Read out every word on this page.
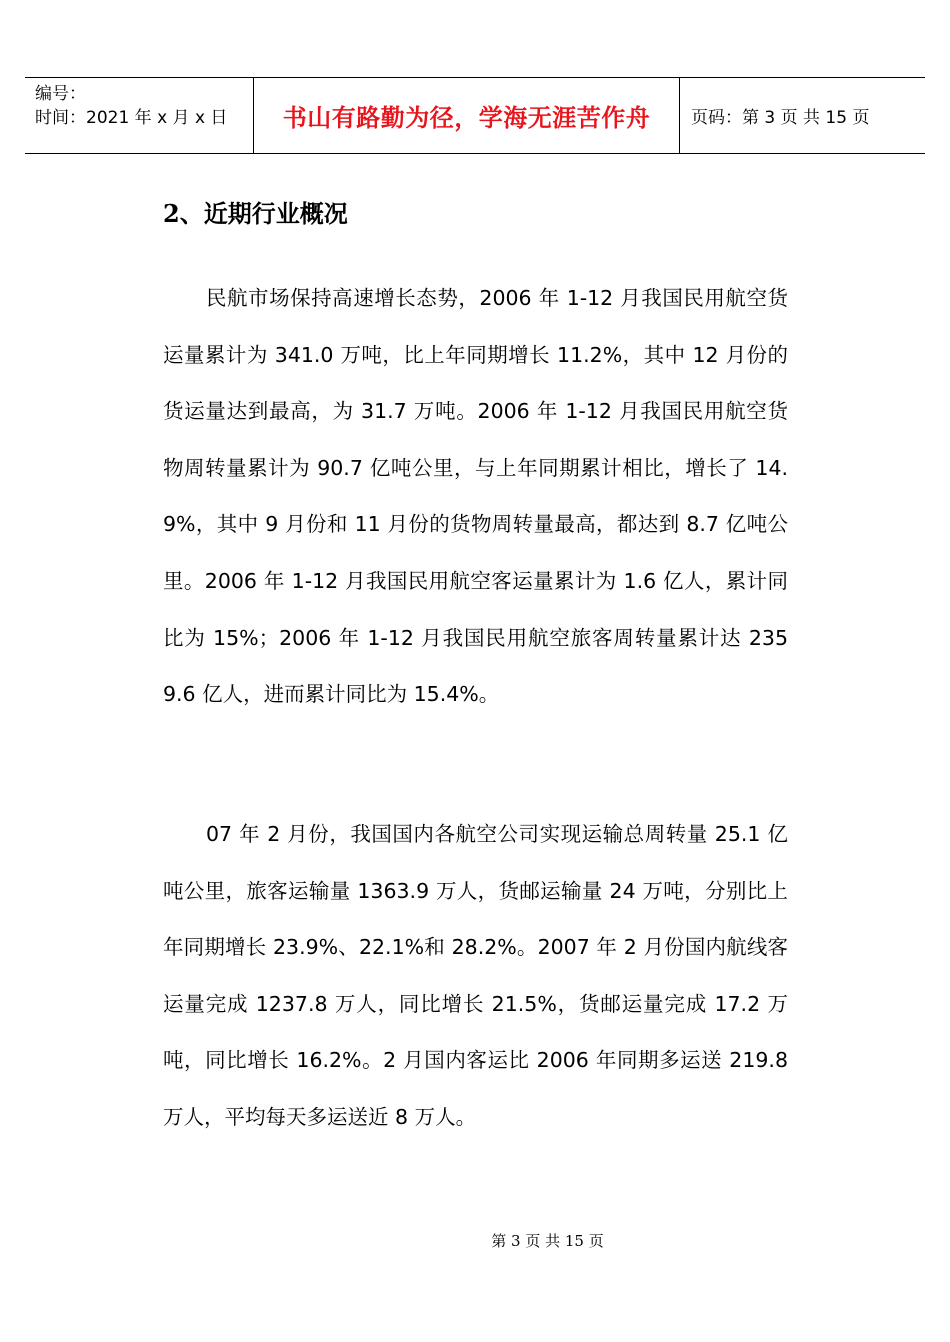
编号：
时间：2021 年 x 月 x 日	书山有路勤为径，学海无涯苦作舟 页码：第 3 页 共 15 页
2、近期行业概况

民航市场保持高速增长态势，2006 年 1-12 月我国民用航空货运量累计为 341.0 万吨，比上年同期增长 11.2%，其中 12 月份的货运量达到最高，为 31.7 万吨。2006 年 1-12 月我国民用航空货物周转量累计为 90.7 亿吨公里，与上年同期累计相比，增长了 14.9%，其中 9 月份和 11 月份的货物周转量最高，都达到 8.7 亿吨公里。2006 年 1-12 月我国民用航空客运量累计为 1.6 亿人，累计同比为 15%；2006 年 1-12 月我国民用航空旅客周转量累计达 2359.6 亿人，进而累计同比为 15.4%。

07 年 2 月份，我国国内各航空公司实现运输总周转量 25.1 亿吨公里，旅客运输量 1363.9 万人，货邮运输量 24 万吨，分别比上年同期增长 23.9%、22.1%和 28.2%。2007 年 2 月份国内航线客运量完成 1237.8 万人，同比增长 21.5%，货邮运量完成 17.2 万吨，同比增长 16.2%。2 月国内客运比 2006 年同期多运送 219.8 万人，平均每天多运送近 8 万人。

第 3 页 共 15 页
